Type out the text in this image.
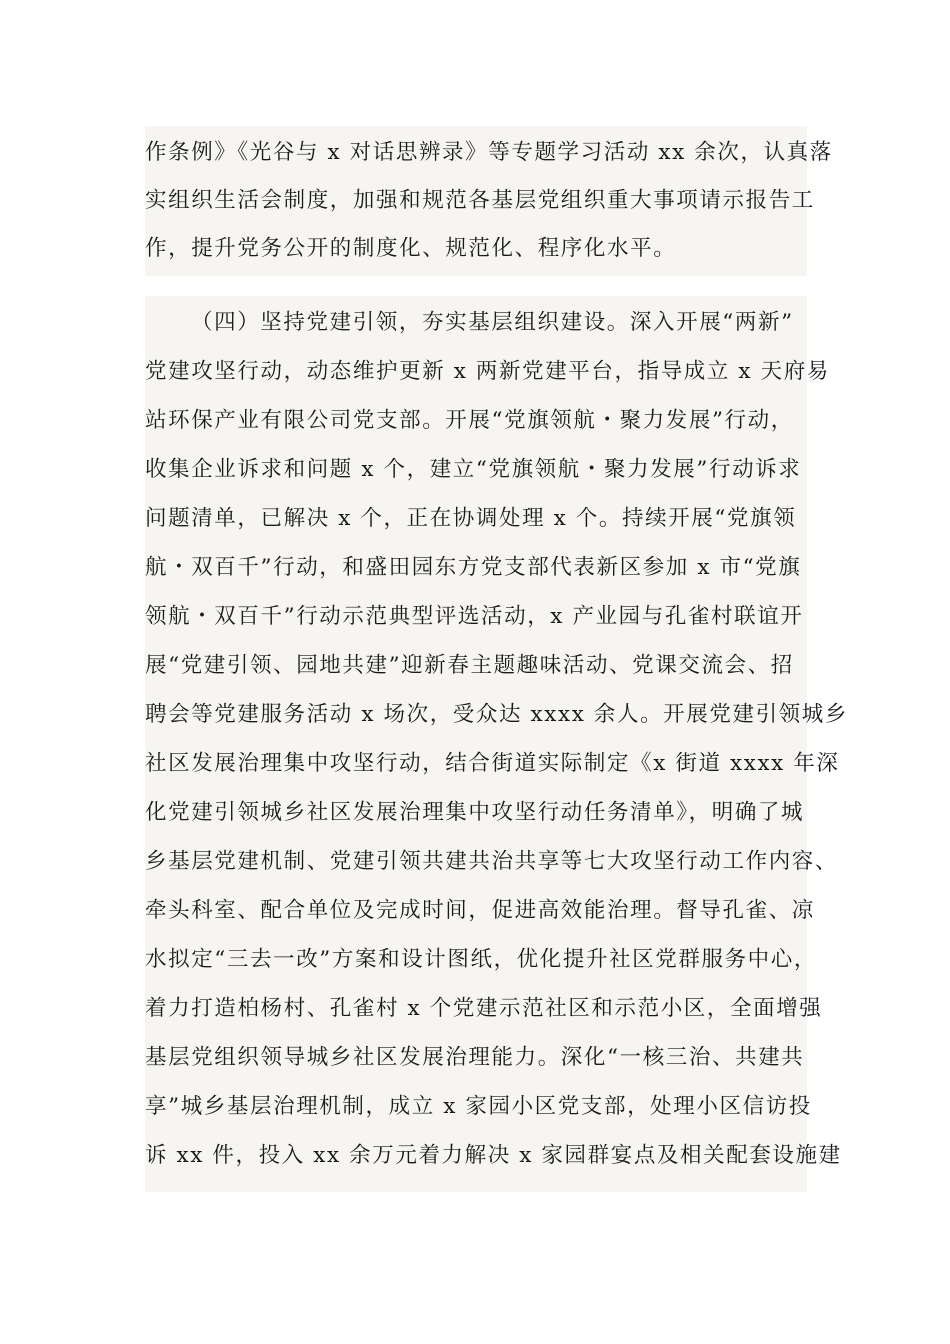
作条例》《光谷与 x 对话思辨录》等专题学习活动 xx 余次，认真落
实组织生活会制度，加强和规范各基层党组织重大事项请示报告工
作，提升党务公开的制度化、规范化、程序化水平。
（四）坚持党建引领，夯实基层组织建设。深入开展“两新”
党建攻坚行动，动态维护更新 x 两新党建平台，指导成立 x 天府易
站环保产业有限公司党支部。开展“党旗领航・聚力发展”行动，
收集企业诉求和问题 x 个，建立“党旗领航・聚力发展”行动诉求
问题清单，已解决 x 个，正在协调处理 x 个。持续开展“党旗领
航・双百千”行动，和盛田园东方党支部代表新区参加 x 市“党旗
领航・双百千”行动示范典型评选活动，x 产业园与孔雀村联谊开
展“党建引领、园地共建”迎新春主题趣味活动、党课交流会、招
聘会等党建服务活动 x 场次，受众达 xxxx 余人。开展党建引领城乡
社区发展治理集中攻坚行动，结合街道实际制定《x 街道 xxxx 年深
化党建引领城乡社区发展治理集中攻坚行动任务清单》，明确了城
乡基层党建机制、党建引领共建共治共享等七大攻坚行动工作内容、
牵头科室、配合单位及完成时间，促进高效能治理。督导孔雀、凉
水拟定“三去一改”方案和设计图纸，优化提升社区党群服务中心，
着力打造柏杨村、孔雀村 x 个党建示范社区和示范小区，全面增强
基层党组织领导城乡社区发展治理能力。深化“一核三治、共建共
享”城乡基层治理机制，成立 x 家园小区党支部，处理小区信访投
诉 xx 件，投入 xx 余万元着力解决 x 家园群宴点及相关配套设施建
